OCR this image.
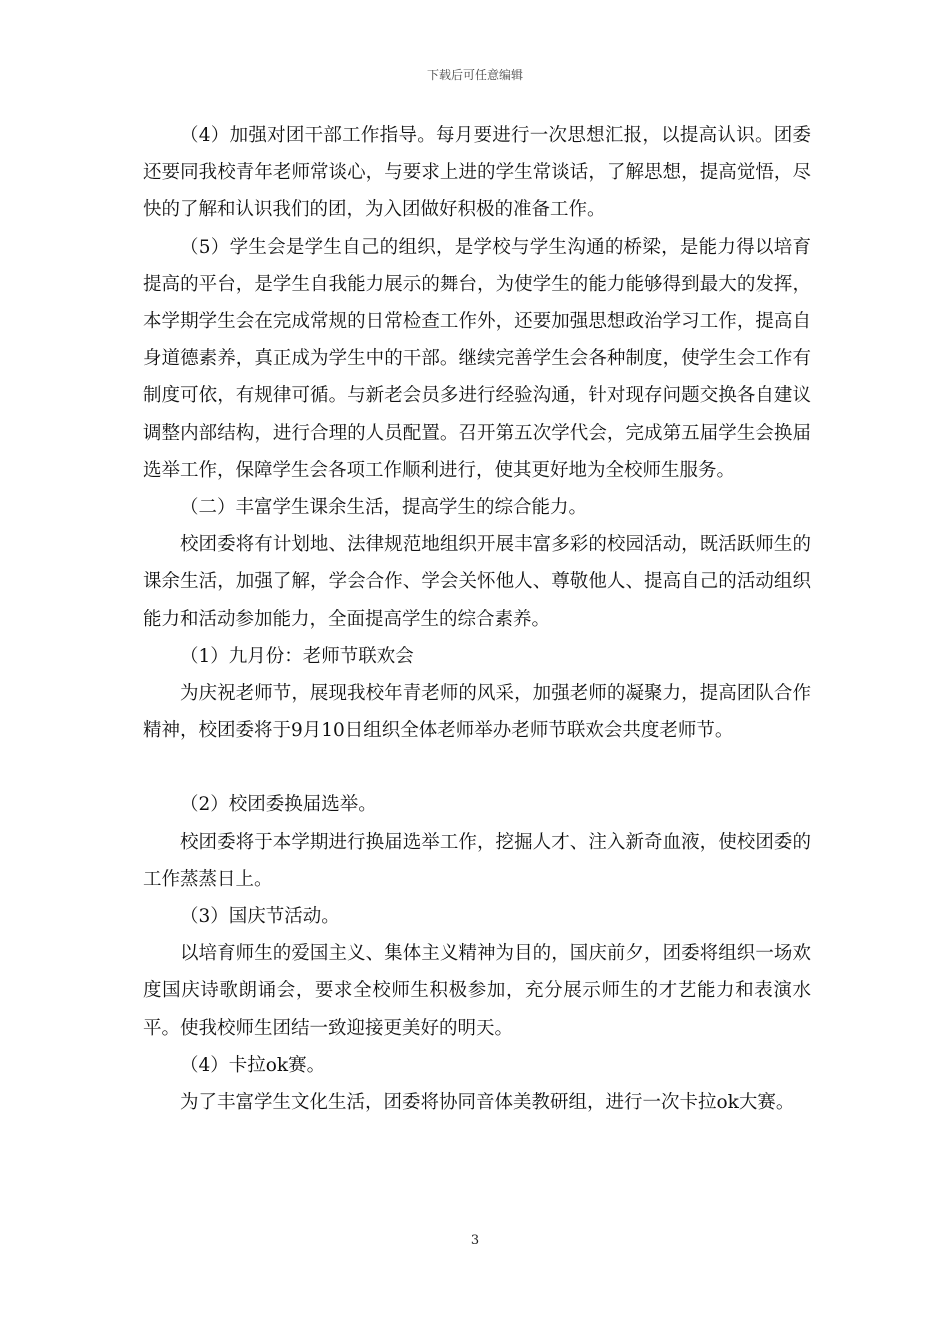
下载后可任意编辑

（4）加强对团干部工作指导。每月要进行一次思想汇报，以提高认识。团委还要同我校青年老师常谈心，与要求上进的学生常谈话，了解思想，提高觉悟，尽快的了解和认识我们的团，为入团做好积极的准备工作。

（5）学生会是学生自己的组织，是学校与学生沟通的桥梁，是能力得以培育提高的平台，是学生自我能力展示的舞台，为使学生的能力能够得到最大的发挥，本学期学生会在完成常规的日常检查工作外，还要加强思想政治学习工作，提高自身道德素养，真正成为学生中的干部。继续完善学生会各种制度，使学生会工作有制度可依，有规律可循。与新老会员多进行经验沟通，针对现存问题交换各自建议调整内部结构，进行合理的人员配置。召开第五次学代会，完成第五届学生会换届选举工作，保障学生会各项工作顺利进行，使其更好地为全校师生服务。

（二）丰富学生课余生活，提高学生的综合能力。

校团委将有计划地、法律规范地组织开展丰富多彩的校园活动，既活跃师生的课余生活，加强了解，学会合作、学会关怀他人、尊敬他人、提高自己的活动组织能力和活动参加能力，全面提高学生的综合素养。

（1）九月份：老师节联欢会

为庆祝老师节，展现我校年青老师的风采，加强老师的凝聚力，提高团队合作精神，校团委将于9月10日组织全体老师举办老师节联欢会共度老师节。

（2）校团委换届选举。

校团委将于本学期进行换届选举工作，挖掘人才、注入新奇血液，使校团委的工作蒸蒸日上。

（3）国庆节活动。

以培育师生的爱国主义、集体主义精神为目的，国庆前夕，团委将组织一场欢度国庆诗歌朗诵会，要求全校师生积极参加，充分展示师生的才艺能力和表演水平。使我校师生团结一致迎接更美好的明天。

（4）卡拉ok赛。

为了丰富学生文化生活，团委将协同音体美教研组，进行一次卡拉ok大赛。

3
